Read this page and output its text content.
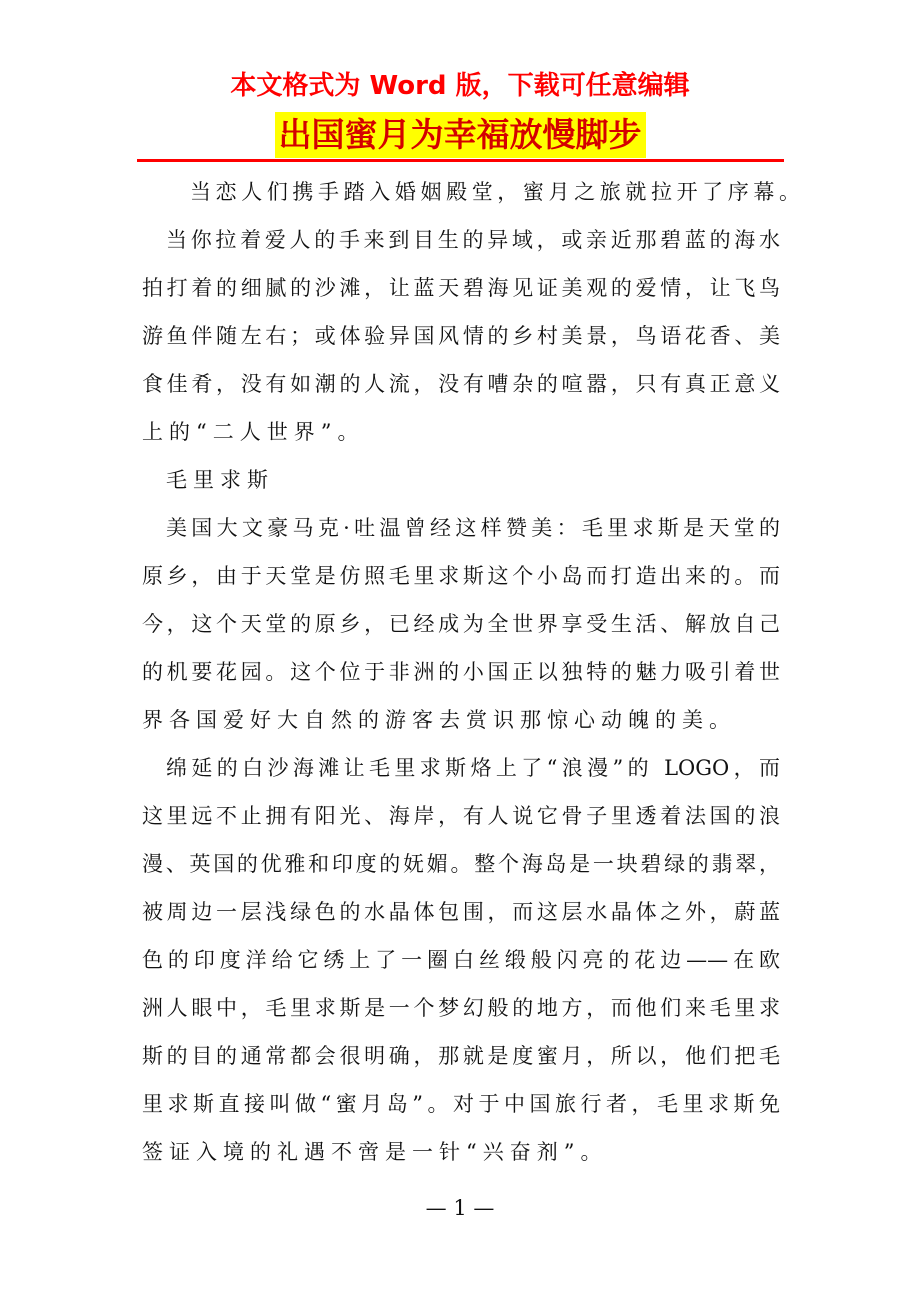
本文格式为 Word 版，下载可任意编辑
出国蜜月为幸福放慢脚步
当恋人们携手踏入婚姻殿堂，蜜月之旅就拉开了序幕。
当你拉着爱人的手来到目生的异域，或亲近那碧蓝的海水
拍打着的细腻的沙滩，让蓝天碧海见证美观的爱情，让飞鸟
游鱼伴随左右；或体验异国风情的乡村美景，鸟语花香、美
食佳肴，没有如潮的人流，没有嘈杂的喧嚣，只有真正意义
上的“二人世界”。
毛里求斯
美国大文豪马克·吐温曾经这样赞美：毛里求斯是天堂的
原乡，由于天堂是仿照毛里求斯这个小岛而打造出来的。而
今，这个天堂的原乡，已经成为全世界享受生活、解放自己
的机要花园。这个位于非洲的小国正以独特的魅力吸引着世
界各国爱好大自然的游客去赏识那惊心动魄的美。
绵延的白沙海滩让毛里求斯烙上了“浪漫”的 LOGO，而
这里远不止拥有阳光、海岸，有人说它骨子里透着法国的浪
漫、英国的优雅和印度的妩媚。整个海岛是一块碧绿的翡翠，
被周边一层浅绿色的水晶体包围，而这层水晶体之外，蔚蓝
色的印度洋给它绣上了一圈白丝缎般闪亮的花边——在欧
洲人眼中，毛里求斯是一个梦幻般的地方，而他们来毛里求
斯的目的通常都会很明确，那就是度蜜月，所以，他们把毛
里求斯直接叫做“蜜月岛”。对于中国旅行者，毛里求斯免
签证入境的礼遇不啻是一针“兴奋剂”。
— 1 —
